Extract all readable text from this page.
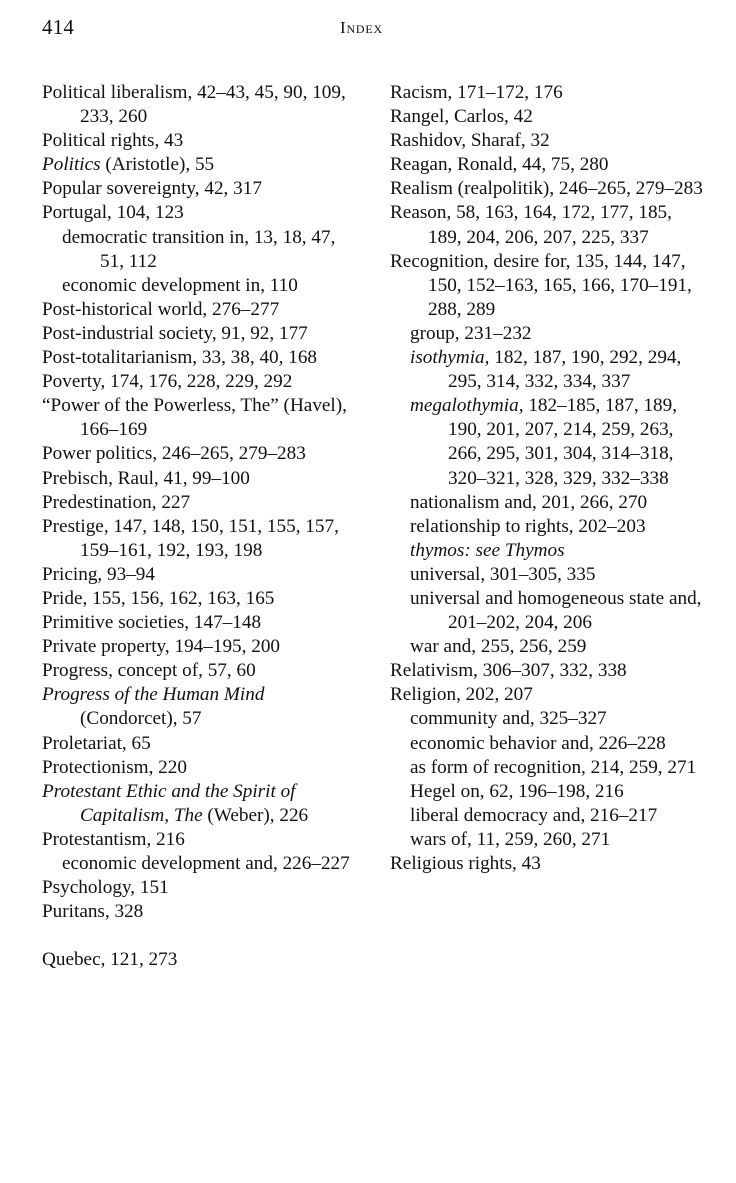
414	Index

Political liberalism, 42–43, 45, 90, 109, 233, 260

Political rights, 43

Politics (Aristotle), 55

Popular sovereignty, 42, 317

Portugal, 104, 123

democratic transition in, 13, 18, 47, 51, 112

economic development in, 110

Post-historical world, 276–277

Post-industrial society, 91, 92, 177

Post-totalitarianism, 33, 38, 40, 168

Poverty, 174, 176, 228, 229, 292

“Power of the Powerless, The” (Havel), 166–169

Power politics, 246–265, 279–283

Prebisch, Raul, 41, 99–100

Predestination, 227

Prestige, 147, 148, 150, 151, 155, 157, 159–161, 192, 193, 198

Pricing, 93–94

Pride, 155, 156, 162, 163, 165

Primitive societies, 147–148

Private property, 194–195, 200

Progress, concept of, 57, 60

Progress of the Human Mind (Condorcet), 57

Proletariat, 65

Protectionism, 220

Protestant Ethic and the Spirit of Capitalism, The (Weber), 226

Protestantism, 216

economic development and, 226–227

Psychology, 151

Puritans, 328

Quebec, 121, 273

Racism, 171–172, 176

Rangel, Carlos, 42

Rashidov, Sharaf, 32

Reagan, Ronald, 44, 75, 280

Realism (realpolitik), 246–265, 279–283

Reason, 58, 163, 164, 172, 177, 185, 189, 204, 206, 207, 225, 337

Recognition, desire for, 135, 144, 147, 150, 152–163, 165, 166, 170–191, 288, 289

group, 231–232

isothymia, 182, 187, 190, 292, 294, 295, 314, 332, 334, 337

megalothymia, 182–185, 187, 189, 190, 201, 207, 214, 259, 263, 266, 295, 301, 304, 314–318, 320–321, 328, 329, 332–338

nationalism and, 201, 266, 270

relationship to rights, 202–203

thymos: see Thymos

universal, 301–305, 335

universal and homogeneous state and, 201–202, 204, 206

war and, 255, 256, 259

Relativism, 306–307, 332, 338

Religion, 202, 207

community and, 325–327

economic behavior and, 226–228

as form of recognition, 214, 259, 271

Hegel on, 62, 196–198, 216

liberal democracy and, 216–217

wars of, 11, 259, 260, 271

Religious rights, 43
